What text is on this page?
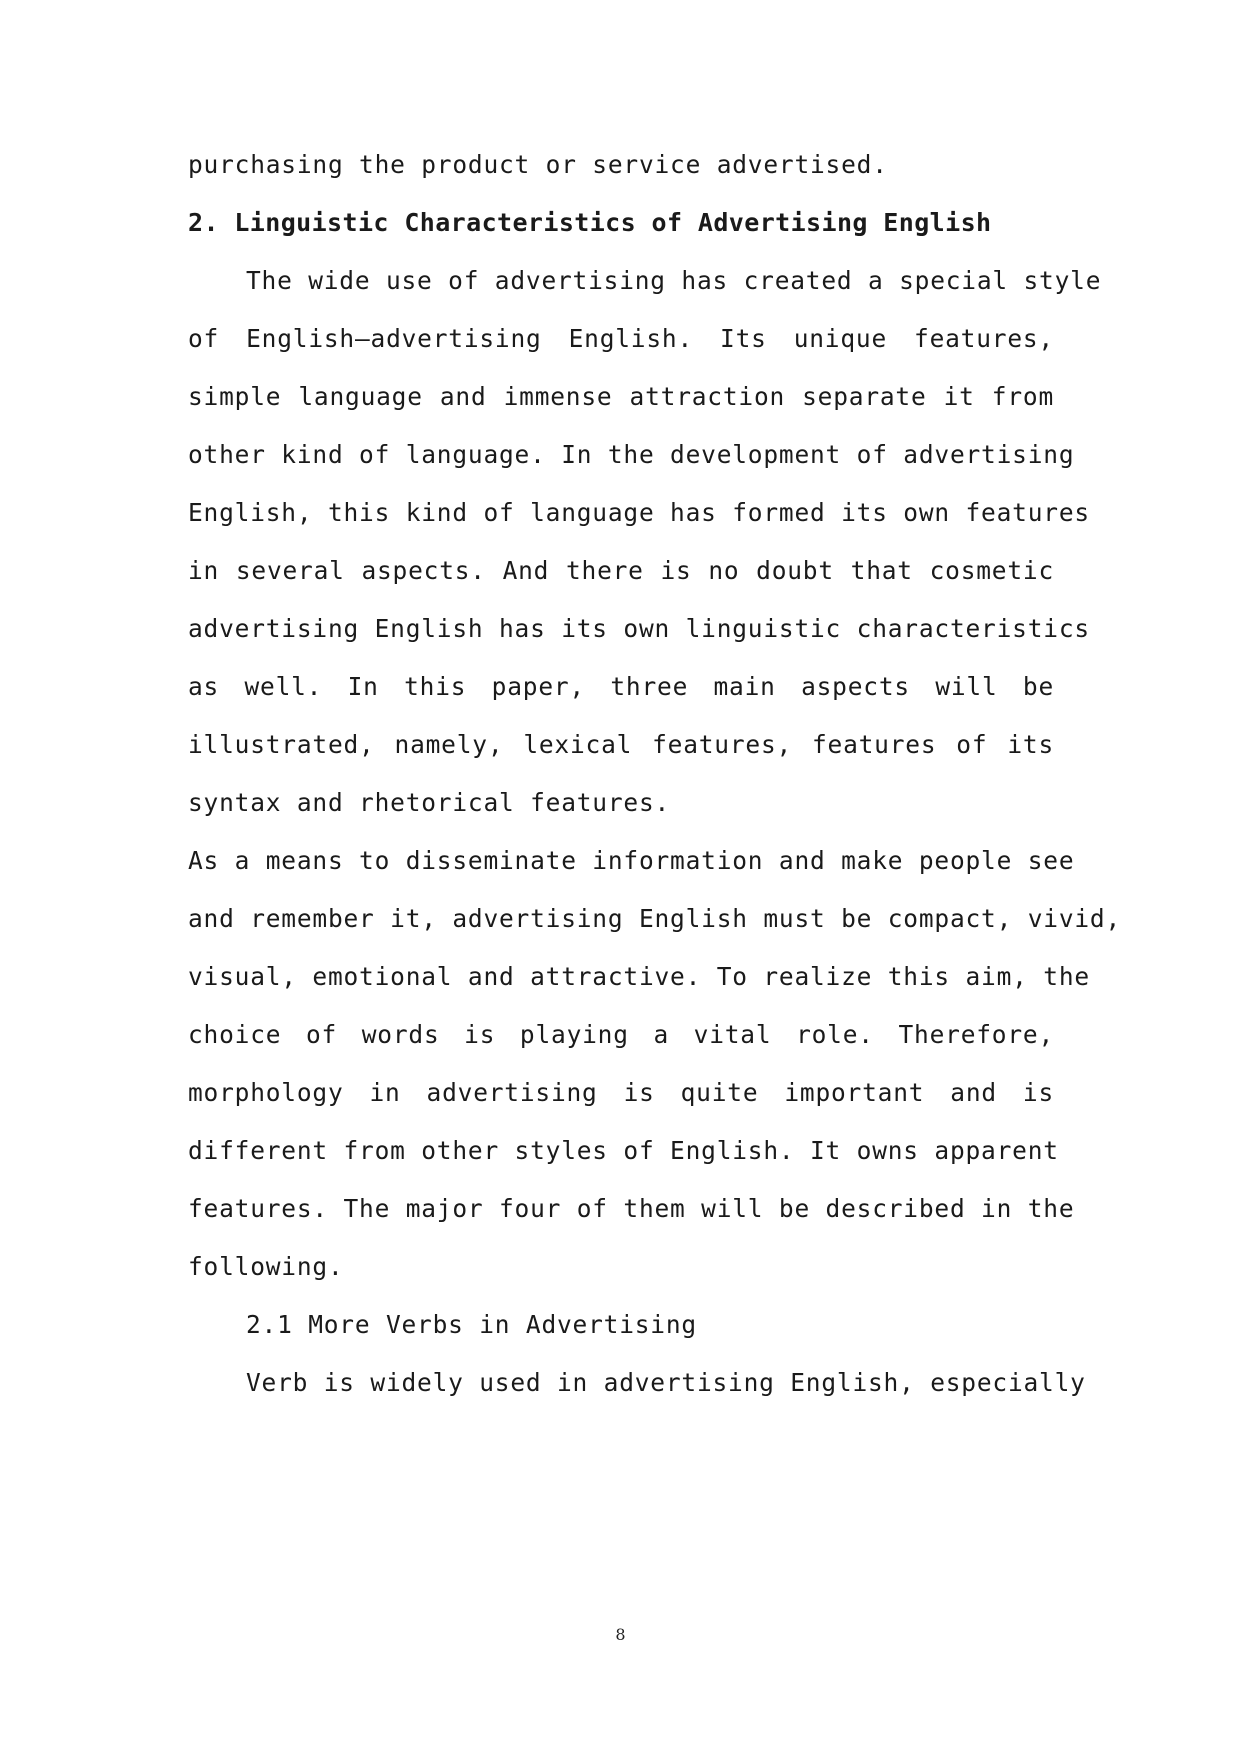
purchasing the product or service advertised.
2. Linguistic Characteristics of Advertising English
The wide use of advertising has created a special style
of English—advertising English. Its unique features,
simple language and immense attraction separate it from
other kind of language. In the development of advertising
English, this kind of language has formed its own features
in several aspects. And there is no doubt that cosmetic
advertising English has its own linguistic characteristics
as well. In this paper, three main aspects will be
illustrated, namely, lexical features, features of its
syntax and rhetorical features.
As a means to disseminate information and make people see
and remember it, advertising English must be compact, vivid,
visual, emotional and attractive. To realize this aim, the
choice of words is playing a vital role. Therefore,
morphology in advertising is quite important and is
different from other styles of English. It owns apparent
features. The major four of them will be described in the
following.
2.1 More Verbs in Advertising
Verb is widely used in advertising English, especially
8
